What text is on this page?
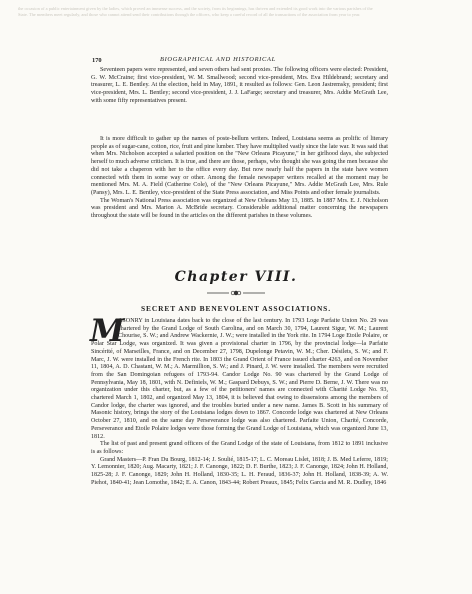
the occasion of a public entertainment given by the ladies, which proved an immense success, and the society, from its beginnings, has thriven and extended its good work into the various parishes of the

State. The members meet regularly, and those who cannot attend send their contributions through the officers, who keep a careful record of all the transactions of the association from year to year.

170	BIOGRAPHICAL AND HISTORICAL

Seventeen papers were represented, and seven others had sent proxies. The following officers were elected: President, G. W. McCraine; first vice-president, W. M. Smallwood; second vice-president, Mrs. Eva Hildebrand; secretary and treasurer, L. E. Bentley. At the election, held in May, 1891, it resulted as follows: Gen. Leon Jastremsky, president; first vice-president, Mrs. L. Bentley; second vice-president, J. J. LaFarge; secretary and treasurer, Mrs. Addie McGrath Lee, with some fifty representatives present.

It is more difficult to gather up the names of poste-bellum writers. Indeed, Louisiana seems as prolific of literary people as of sugar-cane, cotton, rice, fruit and pine lumber. They have multiplied vastly since the late war. It was said that when Mrs. Nicholson accepted a salaried position on the "New Orleans Picayune," in her girlhood days, she subjected herself to much adverse criticism. It is true, and there are those, perhaps, who thought she was going the men because she did not take a chaperon with her to the office every day. But now nearly half the papers in the state have women connected with them in some way or other. Among the female newspaper writers recalled at the moment may be mentioned Mrs. M. A. Field (Catherine Cole), of the "New Orleans Picayune," Mrs. Addie McGrath Lee, Mrs. Rule (Pansy), Mrs. L. E. Bentley, vice-president of the State Press association, and Miss Points and other female journalists.

The Woman's National Press association was organized at New Orleans May 13, 1885. In 1887 Mrs. E. J. Nicholson was president and Mrs. Marion A. McBride secretary. Considerable additional matter concerning the newspapers throughout the state will be found in the articles on the different parishes in these volumes.

Chapter VIII.
SECRET AND BENEVOLENT ASSOCIATIONS.

ASONRY in Louisiana dates back to the close of the last century. In 1793 Loge Parfaite Union No. 29 was chartered by the Grand Lodge of South Carolina, and on March 30, 1794, Laurent Sigur, W. M.; Laurent Chourise, S. W.; and Andrew Wackernie, J. W.; were installed in the York rite. In 1794 Loge Etoile Polaire, or Polar Star Lodge, was organized. It was given a provisional charter in 1796, by the provincial lodge—la Parfaite Sincérité, of Marseilles, France, and on December 27, 1798, Dupelonge Petavin, W. M.; Cher. Désilets, S. W.; and F. Marc, J. W. were installed in the French rite. In 1803 the Grand Orient of France issued charter 4263, and on November 11, 1804, A. D. Chastant, W. M.; A. Marmillion, S. W.; and J. Pinard, J. W. were installed. The members were recruited from the San Domingoian refugees of 1793-94. Candor Lodge No. 90 was chartered by the Grand Lodge of Pennsylvania, May 18, 1801, with N. Definiels, W. M.; Gaspard Debuys, S. W.; and Pierre D. Berne, J. W. There was no organization under this charter, but, as a few of the petitioners' names are connected with Charité Lodge No. 93, chartered March 1, 1802, and organized May 13, 1804, it is believed that owing to dissensions among the members of Candor lodge, the charter was ignored, and the troubles buried under a new name. James B. Scott in his summary of Masonic history, brings the story of the Louisiana lodges down to 1867. Concorde lodge was chartered at New Orleans October 27, 1810, and on the same day Perseverance lodge was also chartered. Parfaite Union, Charité, Concorde, Perseverance and Etoile Polaire lodges were those forming the Grand Lodge of Louisiana, which was organized June 13, 1812.

The list of past and present grand officers of the Grand Lodge of the state of Louisiana, from 1812 to 1891 inclusive is as follows:

Grand Masters—P. Fran Du Bourg, 1812-14; J. Soulié, 1815-17; L. C. Moreau Lislet, 1818; J. B. Med Leferre, 1819; Y. Lemonnier, 1820; Aug. Macarty, 1821; J. F. Canonge, 1822; D. F. Burthe, 1823; J. F. Canonge, 1824; John H. Holland, 1825-28; J. F. Canonge, 1829; John H. Holland, 1830-35; L. H. Feraud, 1836-37; John H. Holland, 1838-39; A. W. Piehot, 1840-41; Jean Lomothe, 1842; E. A. Canon, 1843-44; Robert Preaux, 1845; Felix Garcia and M. R. Dudley, 1846

M
